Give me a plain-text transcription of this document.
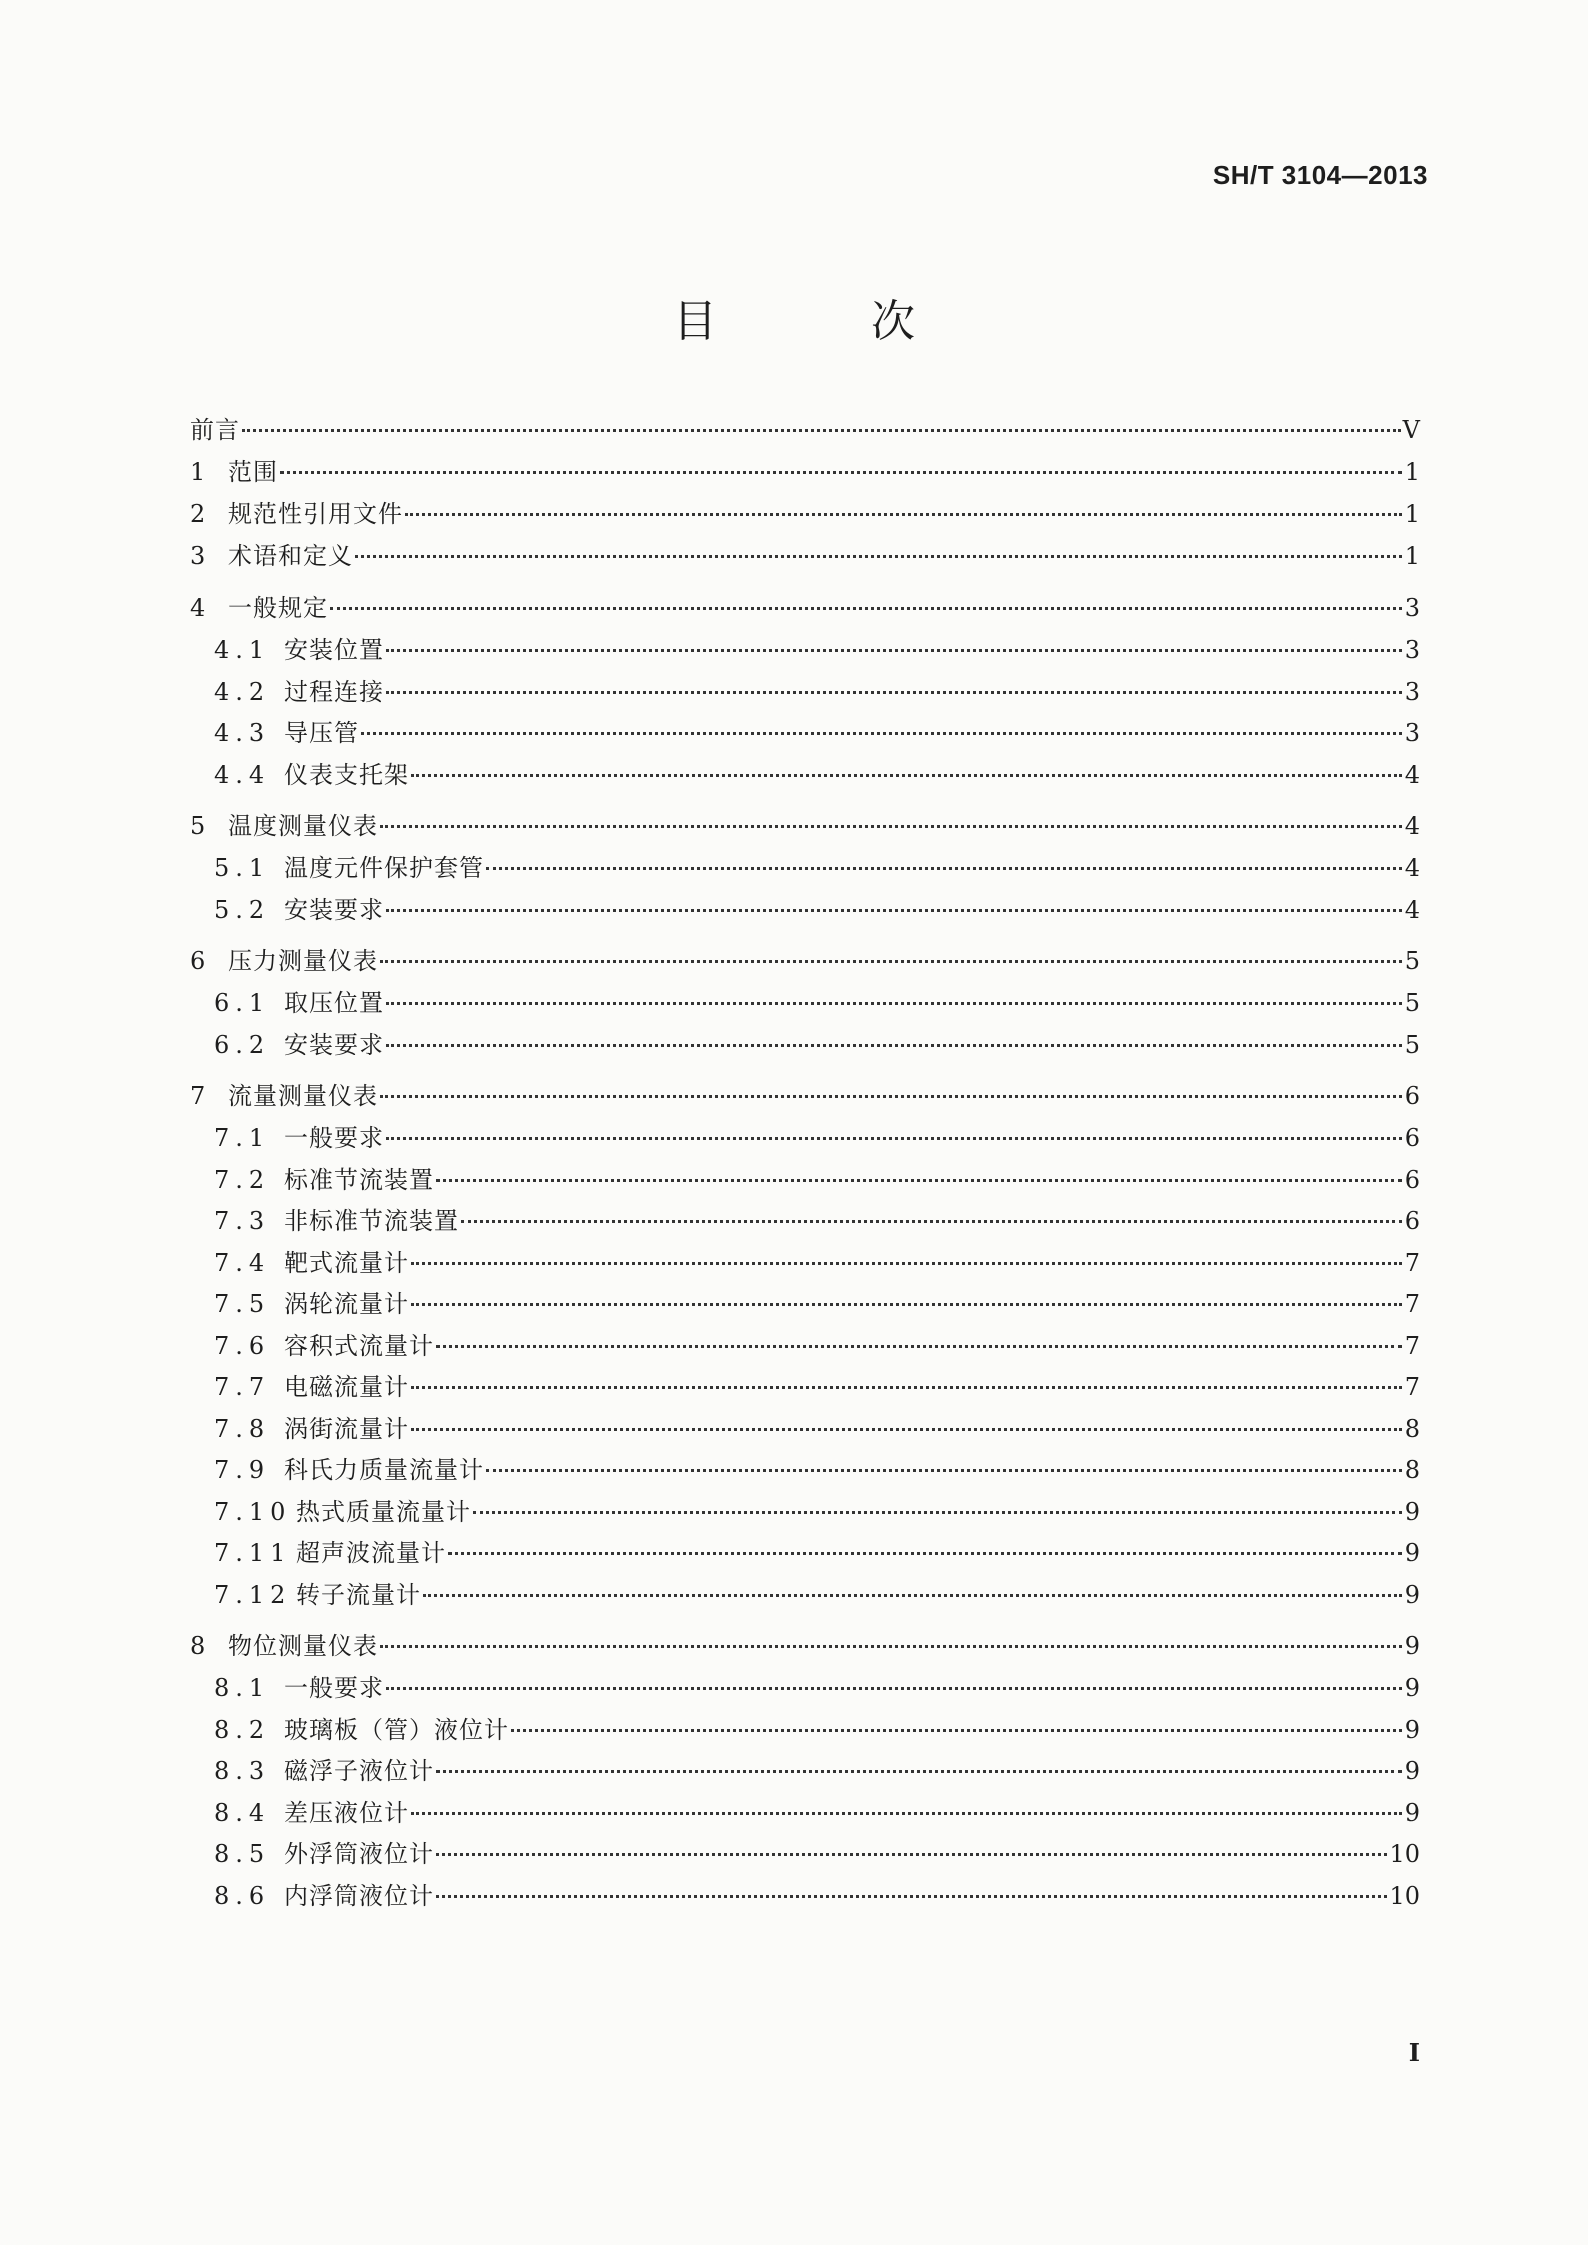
SH/T 3104—2013
目 次
前言	V
1 范围	1
2 规范性引用文件	1
3 术语和定义	1
4 一般规定	3
4.1 安装位置	3
4.2 过程连接	3
4.3 导压管	3
4.4 仪表支托架	4
5 温度测量仪表	4
5.1 温度元件保护套管	4
5.2 安装要求	4
6 压力测量仪表	5
6.1 取压位置	5
6.2 安装要求	5
7 流量测量仪表	6
7.1 一般要求	6
7.2 标准节流装置	6
7.3 非标准节流装置	6
7.4 靶式流量计	7
7.5 涡轮流量计	7
7.6 容积式流量计	7
7.7 电磁流量计	7
7.8 涡街流量计	8
7.9 科氏力质量流量计	8
7.10 热式质量流量计	9
7.11 超声波流量计	9
7.12 转子流量计	9
8 物位测量仪表	9
8.1 一般要求	9
8.2 玻璃板（管）液位计	9
8.3 磁浮子液位计	9
8.4 差压液位计	9
8.5 外浮筒液位计	10
8.6 内浮筒液位计	10
I
